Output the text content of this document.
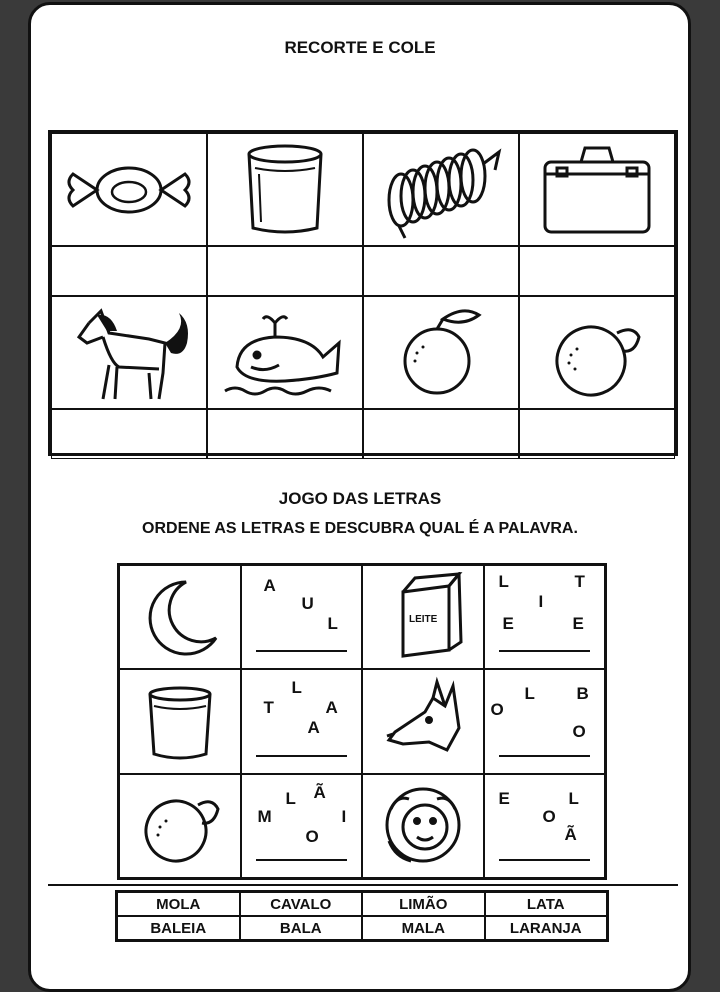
RECORTE E COLE
JOGO DAS LETRAS
ORDENE AS LETRAS E DESCUBRA QUAL É A PALAVRA.
A
U
L	LEITE
L	T
I
E	E
L
T	A
A
L B
O
O
L Ã
M	I
O
E	L
O
Ã
MOLA	CAVALO	LIMÃO	LATA
BALEIA	BALA	MALA	LARANJA
